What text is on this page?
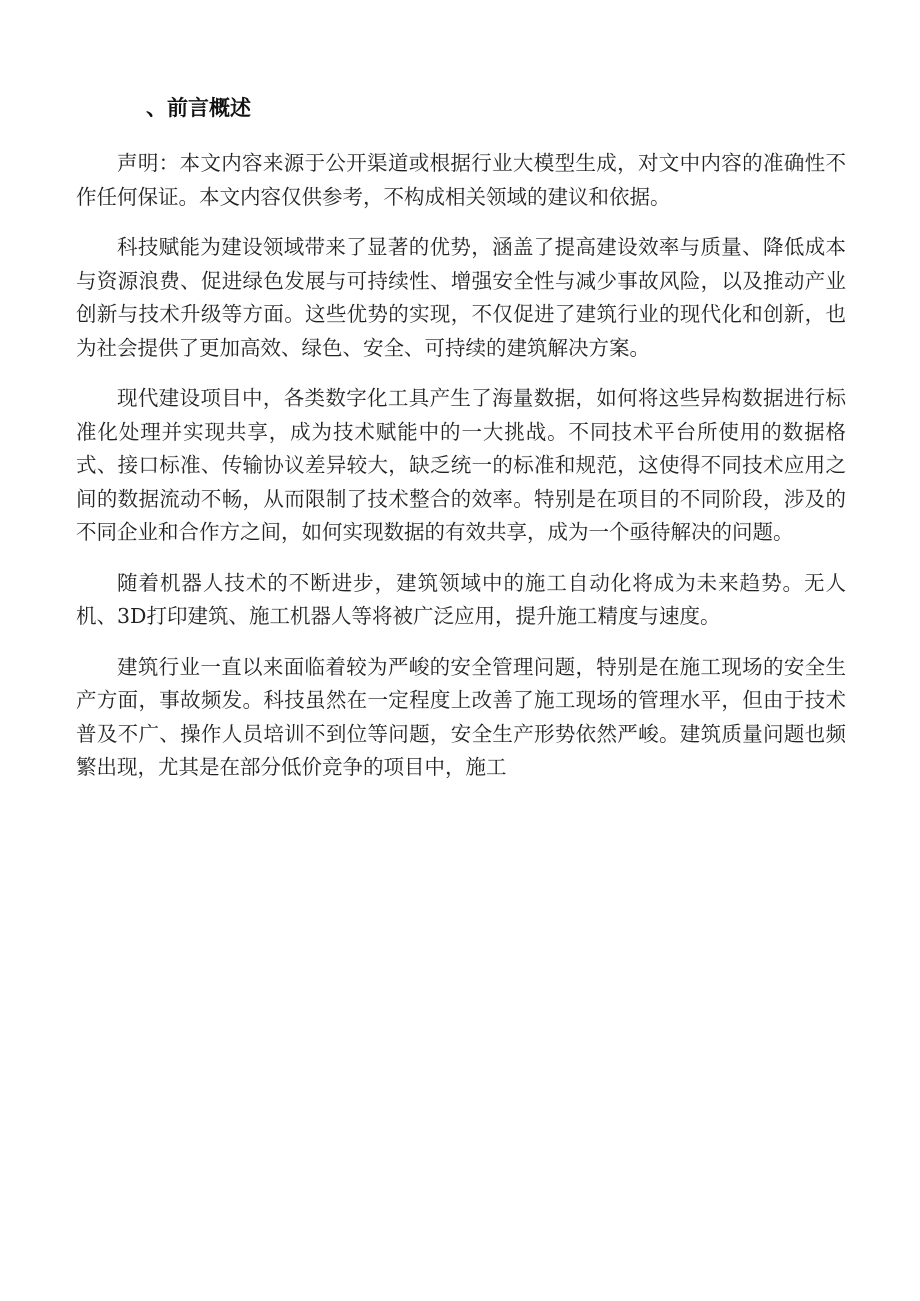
、前言概述

声明：本文内容来源于公开渠道或根据行业大模型生成，对文中内容的准确性不作任何保证。本文内容仅供参考，不构成相关领域的建议和依据。

科技赋能为建设领域带来了显著的优势，涵盖了提高建设效率与质量、降低成本与资源浪费、促进绿色发展与可持续性、增强安全性与减少事故风险，以及推动产业创新与技术升级等方面。这些优势的实现，不仅促进了建筑行业的现代化和创新，也为社会提供了更加高效、绿色、安全、可持续的建筑解决方案。

现代建设项目中，各类数字化工具产生了海量数据，如何将这些异构数据进行标准化处理并实现共享，成为技术赋能中的一大挑战。不同技术平台所使用的数据格式、接口标准、传输协议差异较大，缺乏统一的标准和规范，这使得不同技术应用之间的数据流动不畅，从而限制了技术整合的效率。特别是在项目的不同阶段，涉及的不同企业和合作方之间，如何实现数据的有效共享，成为一个亟待解决的问题。

随着机器人技术的不断进步，建筑领域中的施工自动化将成为未来趋势。无人机、3D打印建筑、施工机器人等将被广泛应用，提升施工精度与速度。

建筑行业一直以来面临着较为严峻的安全管理问题，特别是在施工现场的安全生产方面，事故频发。科技虽然在一定程度上改善了施工现场的管理水平，但由于技术普及不广、操作人员培训不到位等问题，安全生产形势依然严峻。建筑质量问题也频繁出现，尤其是在部分低价竞争的项目中，施工
